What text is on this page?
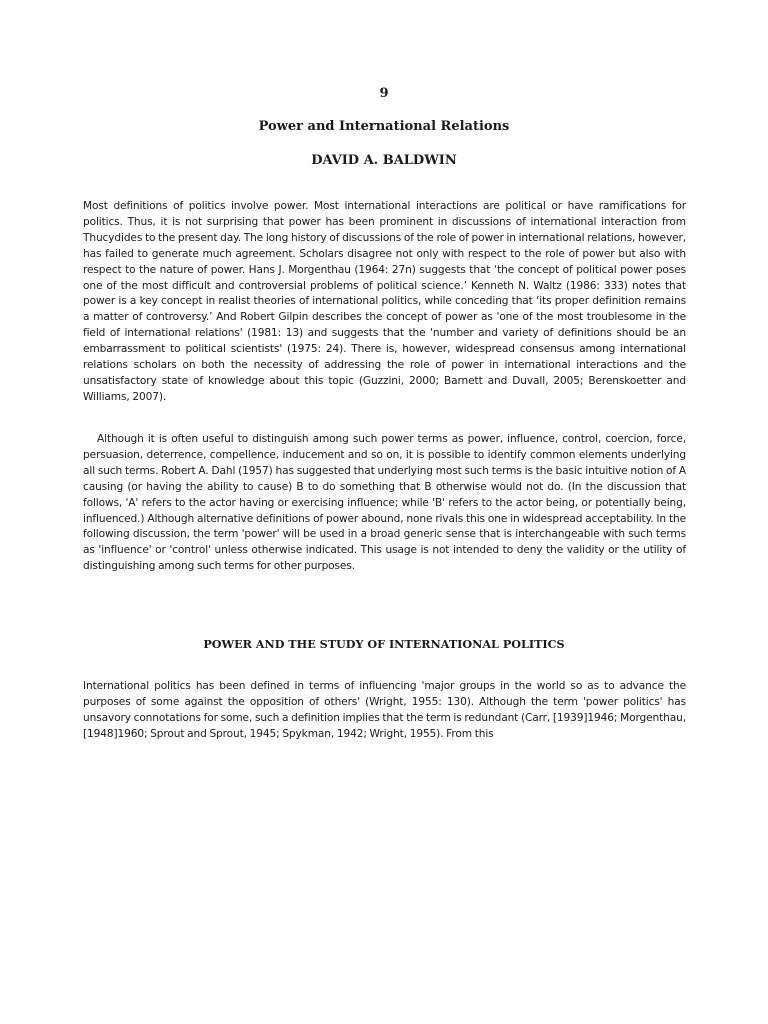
9
Power and International Relations
DAVID A. BALDWIN

Most definitions of politics involve power. Most international interactions are political or have ramifications for politics. Thus, it is not surprising that power has been prominent in discussions of international interaction from Thucydides to the present day. The long history of discussions of the role of power in international relations, however, has failed to generate much agreement. Scholars disagree not only with respect to the role of power but also with respect to the nature of power. Hans J. Morgenthau (1964: 27n) suggests that ‘the concept of political power poses one of the most difficult and controversial problems of political science.’ Kenneth N. Waltz (1986: 333) notes that power is a key concept in realist theories of international politics, while conceding that ‘its proper definition remains a matter of controversy.’ And Robert Gilpin describes the concept of power as 'one of the most troublesome in the field of international relations' (1981: 13) and suggests that the 'number and variety of definitions should be an embarrassment to political scientists' (1975: 24). There is, however, widespread consensus among international relations scholars on both the necessity of addressing the role of power in international interactions and the unsatisfactory state of knowledge about this topic (Guzzini, 2000; Barnett and Duvall, 2005; Berenskoetter and Williams, 2007).

Although it is often useful to distinguish among such power terms as power, influence, control, coercion, force, persuasion, deterrence, compellence, inducement and so on, it is possible to identify common elements underlying all such terms. Robert A. Dahl (1957) has suggested that underlying most such terms is the basic intuitive notion of A causing (or having the ability to cause) B to do something that B otherwise would not do. (In the discussion that follows, 'A' refers to the actor having or exercising influence; while 'B' refers to the actor being, or potentially being, influenced.) Although alternative definitions of power abound, none rivals this one in widespread acceptability. In the following discussion, the term 'power' will be used in a broad generic sense that is interchangeable with such terms as 'influence' or 'control' unless otherwise indicated. This usage is not intended to deny the validity or the utility of distinguishing among such terms for other purposes.

POWER AND THE STUDY OF INTERNATIONAL POLITICS

International politics has been defined in terms of influencing 'major groups in the world so as to advance the purposes of some against the opposition of others' (Wright, 1955: 130). Although the term 'power politics' has unsavory connotations for some, such a definition implies that the term is redundant (Carr, [1939]1946; Morgenthau, [1948]1960; Sprout and Sprout, 1945; Spykman, 1942; Wright, 1955). From this
